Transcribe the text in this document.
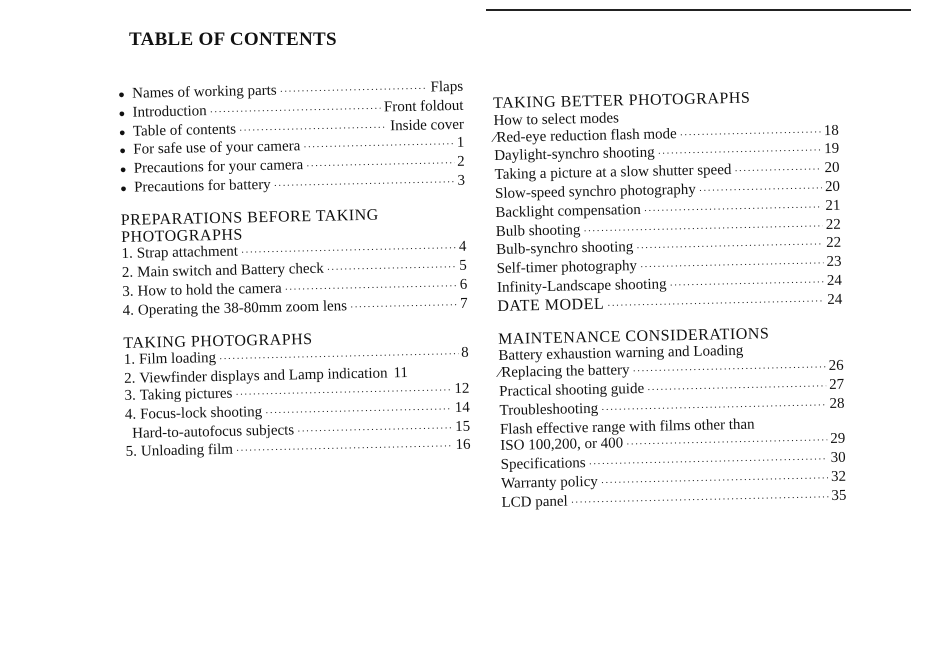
TABLE OF CONTENTS
● Names of working parts ·····	Flaps
● Introduction ·····	Front foldout
● Table of contents ·····	Inside cover
● For safe use of your camera ·····	1
● Precautions for your camera ·····	2
● Precautions for battery ·····	3
PREPARATIONS BEFORE TAKING
PHOTOGRAPHS
1. Strap attachment ·····	4
2. Main switch and Battery check ·····	5
3. How to hold the camera ·····	6
4. Operating the 38-80mm zoom lens ·····	7
TAKING PHOTOGRAPHS
1. Film loading ·····	8
2. Viewfinder displays and Lamp indication 11
3. Taking pictures ·····	12
4. Focus-lock shooting ·····	14
Hard-to-autofocus subjects ·····	15
5. Unloading film ·····	16
TAKING BETTER PHOTOGRAPHS
How to select modes
∕ Red-eye reduction flash mode ·····	18
Daylight-synchro shooting ·····	19
Taking a picture at a slow shutter speed ·····	20
Slow-speed synchro photography ·····	20
Backlight compensation ·····	21
Bulb shooting ·····	22
Bulb-synchro shooting ·····	22
Self-timer photography ·····	23
Infinity-Landscape shooting ·····	24
DATE MODEL ·····	24
MAINTENANCE CONSIDERATIONS
Battery exhaustion warning and Loading
∕ Replacing the battery ·····	26
Practical shooting guide ·····	27
Troubleshooting ·····	28
Flash effective range with films other than
ISO 100,200, or 400 ·····	29
Specifications ·····	30
Warranty policy ·····	32
LCD panel ·····	35
